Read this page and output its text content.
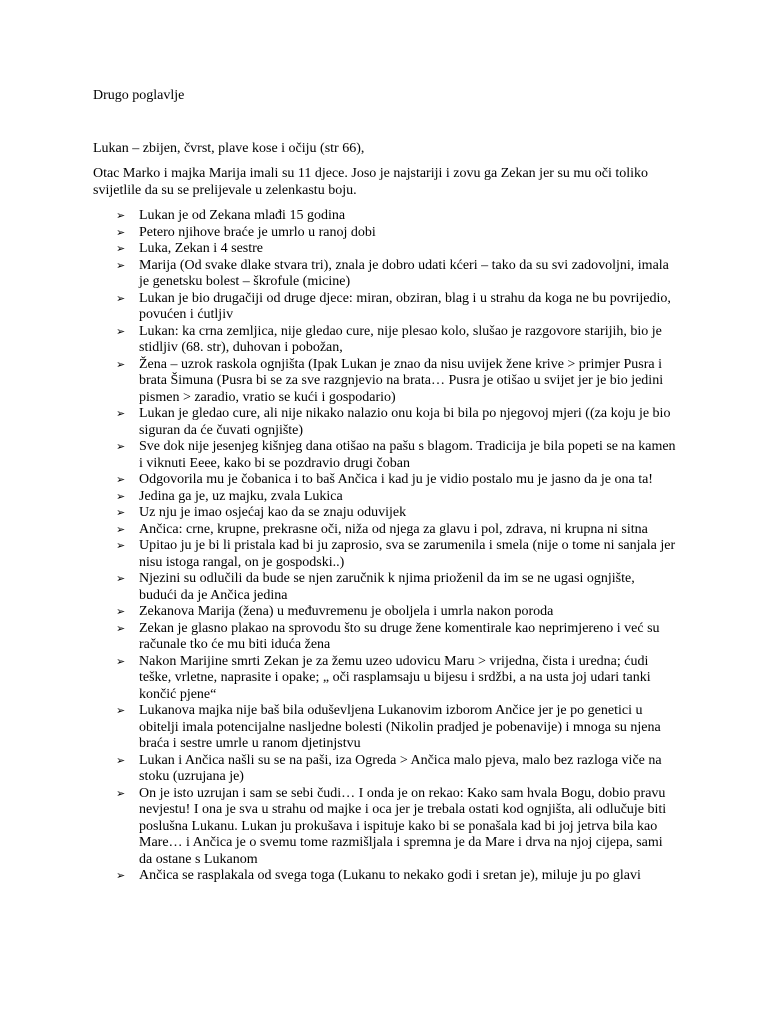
Drugo poglavlje

Lukan – zbijen, čvrst, plave kose i očiju (str 66),

Otac Marko i majka Marija imali su 11 djece. Joso je najstariji i zovu ga Zekan jer su mu oči toliko svijetlile da su se prelijevale u zelenkastu boju.

➢ Lukan je od Zekana mlađi 15 godina
➢ Petero njihove braće je umrlo u ranoj dobi
➢ Luka, Zekan i 4 sestre
➢ Marija (Od svake dlake stvara tri), znala je dobro udati kćeri – tako da su svi zadovoljni, imala je genetsku bolest – škrofule (micine)
➢ Lukan je bio drugačiji od druge djece: miran, obziran, blag i u strahu da koga ne bu povrijedio, povućen i ćutljiv
➢ Lukan: ka crna zemljica, nije gledao cure, nije plesao kolo, slušao je razgovore starijih, bio je stidljiv (68. str), duhovan i pobožan,
➢ Žena – uzrok raskola ognjišta (Ipak Lukan je znao da nisu uvijek žene krive > primjer Pusra i brata Šimuna (Pusra bi se za sve razgnjevio na brata… Pusra je otišao u svijet jer je bio jedini pismen > zaradio, vratio se kući i gospodario)
➢ Lukan je gledao cure, ali nije nikako nalazio onu koja bi bila po njegovoj mjeri ((za koju je bio siguran da će čuvati ognjište)
➢ Sve dok nije jesenjeg kišnjeg dana otišao na pašu s blagom. Tradicija je bila popeti se na kamen i viknuti Eeee, kako bi se pozdravio drugi čoban
➢ Odgovorila mu je čobanica i to baš Ančica i kad ju je vidio postalo mu je jasno da je ona ta!
➢ Jedina ga je, uz majku, zvala Lukica
➢ Uz nju je imao osjećaj kao da se znaju oduvijek
➢ Ančica: crne, krupne, prekrasne oči, niža od njega za glavu i pol, zdrava, ni krupna ni sitna
➢ Upitao ju je bi li pristala kad bi ju zaprosio, sva se zarumenila i smela (nije o tome ni sanjala jer nisu istoga rangal, on je gospodski..)
➢ Njezini su odlučili da bude se njen zaručnik k njima prioženil da im se ne ugasi ognjište, budući da je Ančica jedina
➢ Zekanova Marija (žena) u međuvremenu je oboljela i umrla nakon poroda
➢ Zekan je glasno plakao na sprovodu što su druge žene komentirale kao neprimjereno i već su računale tko će mu biti iduća žena
➢ Nakon Marijine smrti Zekan je za žemu uzeo udovicu Maru > vrijedna, čista i uredna; ćudi teške, vrletne, naprasite i opake; „ oči rasplamsaju u bijesu i srdžbi, a na usta joj udari tanki končić pjene“
➢ Lukanova majka nije baš bila oduševljena Lukanovim izborom Ančice jer je po genetici u obitelji imala potencijalne nasljedne bolesti (Nikolin pradjed je pobenavije) i mnoga su njena braća i sestre umrle u ranom djetinjstvu
➢ Lukan i Ančica našli su se na paši, iza Ogreda > Ančica malo pjeva, malo bez razloga viče na stoku (uzrujana je)
➢ On je isto uzrujan i sam se sebi čudi… I onda je on rekao: Kako sam hvala Bogu, dobio pravu nevjestu! I ona je sva u strahu od majke i oca jer je trebala ostati kod ognjišta, ali odlučuje biti poslušna Lukanu. Lukan ju prokušava i ispituje kako bi se ponašala kad bi joj jetrva bila kao Mare… i Ančica je o svemu tome razmišljala i spremna je da Mare i drva na njoj cijepa, sami da ostane s Lukanom
➢ Ančica se rasplakala od svega toga (Lukanu to nekako godi i sretan je), miluje ju po glavi
